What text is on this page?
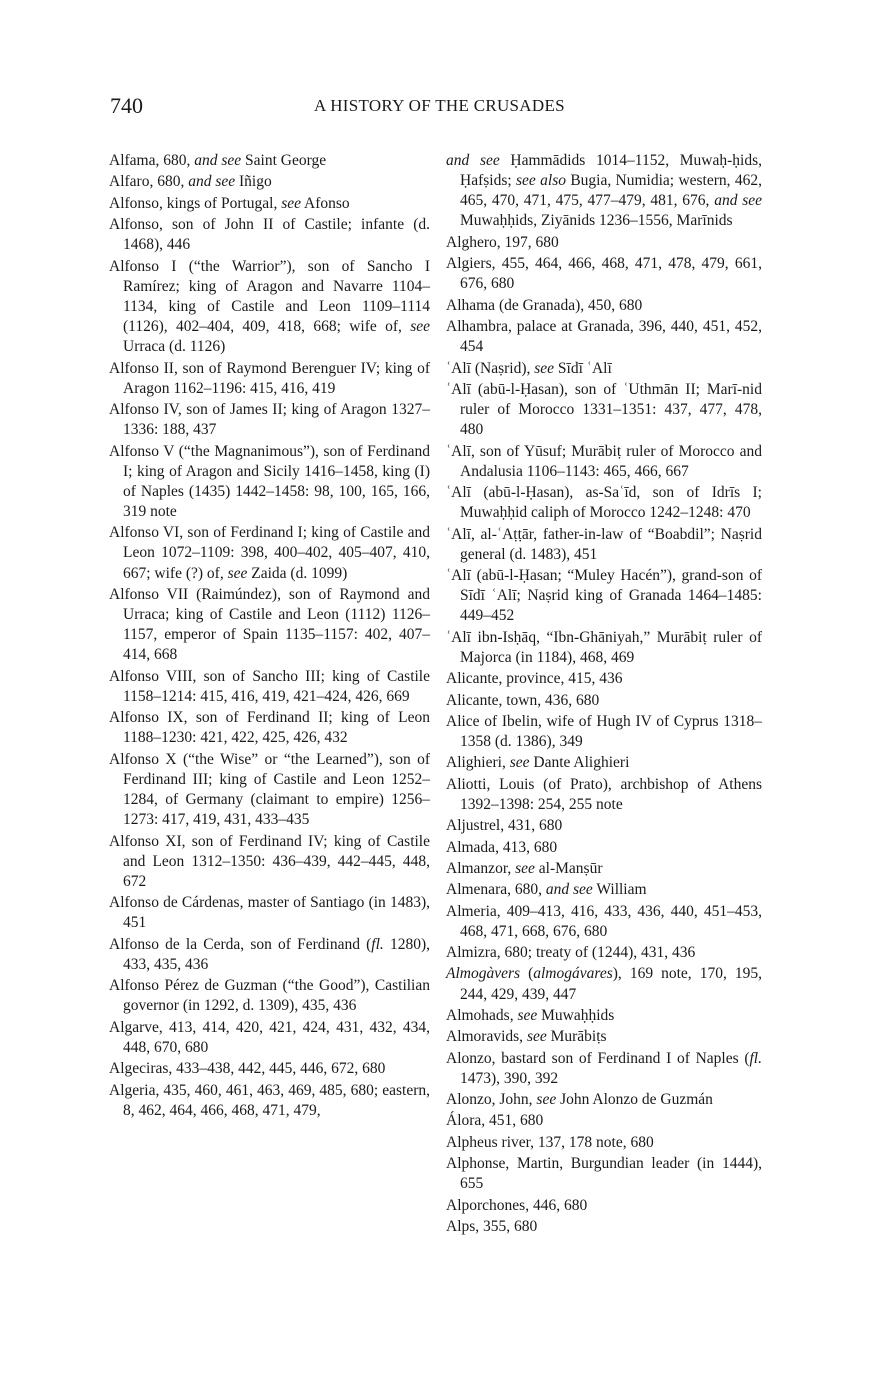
740	A HISTORY OF THE CRUSADES

Alfama, 680, and see Saint George

Alfaro, 680, and see Iñigo

Alfonso, kings of Portugal, see Afonso

Alfonso, son of John II of Castile; infante (d. 1468), 446

Alfonso I (“the Warrior”), son of Sancho I Ramírez; king of Aragon and Navarre 1104–1134, king of Castile and Leon 1109–1114 (1126), 402–404, 409, 418, 668; wife of, see Urraca (d. 1126)

Alfonso II, son of Raymond Berenguer IV; king of Aragon 1162–1196: 415, 416, 419

Alfonso IV, son of James II; king of Aragon 1327–1336: 188, 437

Alfonso V (“the Magnanimous”), son of Ferdinand I; king of Aragon and Sicily 1416–1458, king (I) of Naples (1435) 1442–1458: 98, 100, 165, 166, 319 note

Alfonso VI, son of Ferdinand I; king of Castile and Leon 1072–1109: 398, 400–402, 405–407, 410, 667; wife (?) of, see Zaida (d. 1099)

Alfonso VII (Raimúndez), son of Raymond and Urraca; king of Castile and Leon (1112) 1126–1157, emperor of Spain 1135–1157: 402, 407–414, 668

Alfonso VIII, son of Sancho III; king of Castile 1158–1214: 415, 416, 419, 421–424, 426, 669

Alfonso IX, son of Ferdinand II; king of Leon 1188–1230: 421, 422, 425, 426, 432

Alfonso X (“the Wise” or “the Learned”), son of Ferdinand III; king of Castile and Leon 1252–1284, of Germany (claimant to empire) 1256–1273: 417, 419, 431, 433–435

Alfonso XI, son of Ferdinand IV; king of Castile and Leon 1312–1350: 436–439, 442–445, 448, 672

Alfonso de Cárdenas, master of Santiago (in 1483), 451

Alfonso de la Cerda, son of Ferdinand (fl. 1280), 433, 435, 436

Alfonso Pérez de Guzman (“the Good”), Castilian governor (in 1292, d. 1309), 435, 436

Algarve, 413, 414, 420, 421, 424, 431, 432, 434, 448, 670, 680

Algeciras, 433–438, 442, 445, 446, 672, 680

Algeria, 435, 460, 461, 463, 469, 485, 680; eastern, 8, 462, 464, 466, 468, 471, 479,

and see Ḥammādids 1014–1152, Muwaḥ-ḥids, Ḥafṣids; see also Bugia, Numidia; western, 462, 465, 470, 471, 475, 477–479, 481, 676, and see Muwaḥḥids, Ziyānids 1236–1556, Marīnids

Alghero, 197, 680

Algiers, 455, 464, 466, 468, 471, 478, 479, 661, 676, 680

Alhama (de Granada), 450, 680

Alhambra, palace at Granada, 396, 440, 451, 452, 454

ʿAlī (Naṣrid), see Sīdī ʿAlī

ʿAlī (abū-l-Ḥasan), son of ʿUthmān II; Marī-nid ruler of Morocco 1331–1351: 437, 477, 478, 480

ʿAlī, son of Yūsuf; Murābiṭ ruler of Morocco and Andalusia 1106–1143: 465, 466, 667

ʿAlī (abū-l-Ḥasan), as-Saʿīd, son of Idrīs I; Muwaḥḥid caliph of Morocco 1242–1248: 470

ʿAlī, al-ʿAṭṭār, father-in-law of “Boabdil”; Naṣrid general (d. 1483), 451

ʿAlī (abū-l-Ḥasan; “Muley Hacén”), grand-son of Sīdī ʿAlī; Naṣrid king of Granada 1464–1485: 449–452

ʿAlī ibn-Isḥāq, “Ibn-Ghāniyah,” Murābiṭ ruler of Majorca (in 1184), 468, 469

Alicante, province, 415, 436

Alicante, town, 436, 680

Alice of Ibelin, wife of Hugh IV of Cyprus 1318–1358 (d. 1386), 349

Alighieri, see Dante Alighieri

Aliotti, Louis (of Prato), archbishop of Athens 1392–1398: 254, 255 note

Aljustrel, 431, 680

Almada, 413, 680

Almanzor, see al-Manṣūr

Almenara, 680, and see William

Almeria, 409–413, 416, 433, 436, 440, 451–453, 468, 471, 668, 676, 680

Almizra, 680; treaty of (1244), 431, 436

Almogàvers (almogávares), 169 note, 170, 195, 244, 429, 439, 447

Almohads, see Muwaḥḥids

Almoravids, see Murābiṭs

Alonzo, bastard son of Ferdinand I of Naples (fl. 1473), 390, 392

Alonzo, John, see John Alonzo de Guzmán

Álora, 451, 680

Alpheus river, 137, 178 note, 680

Alphonse, Martin, Burgundian leader (in 1444), 655

Alporchones, 446, 680

Alps, 355, 680
